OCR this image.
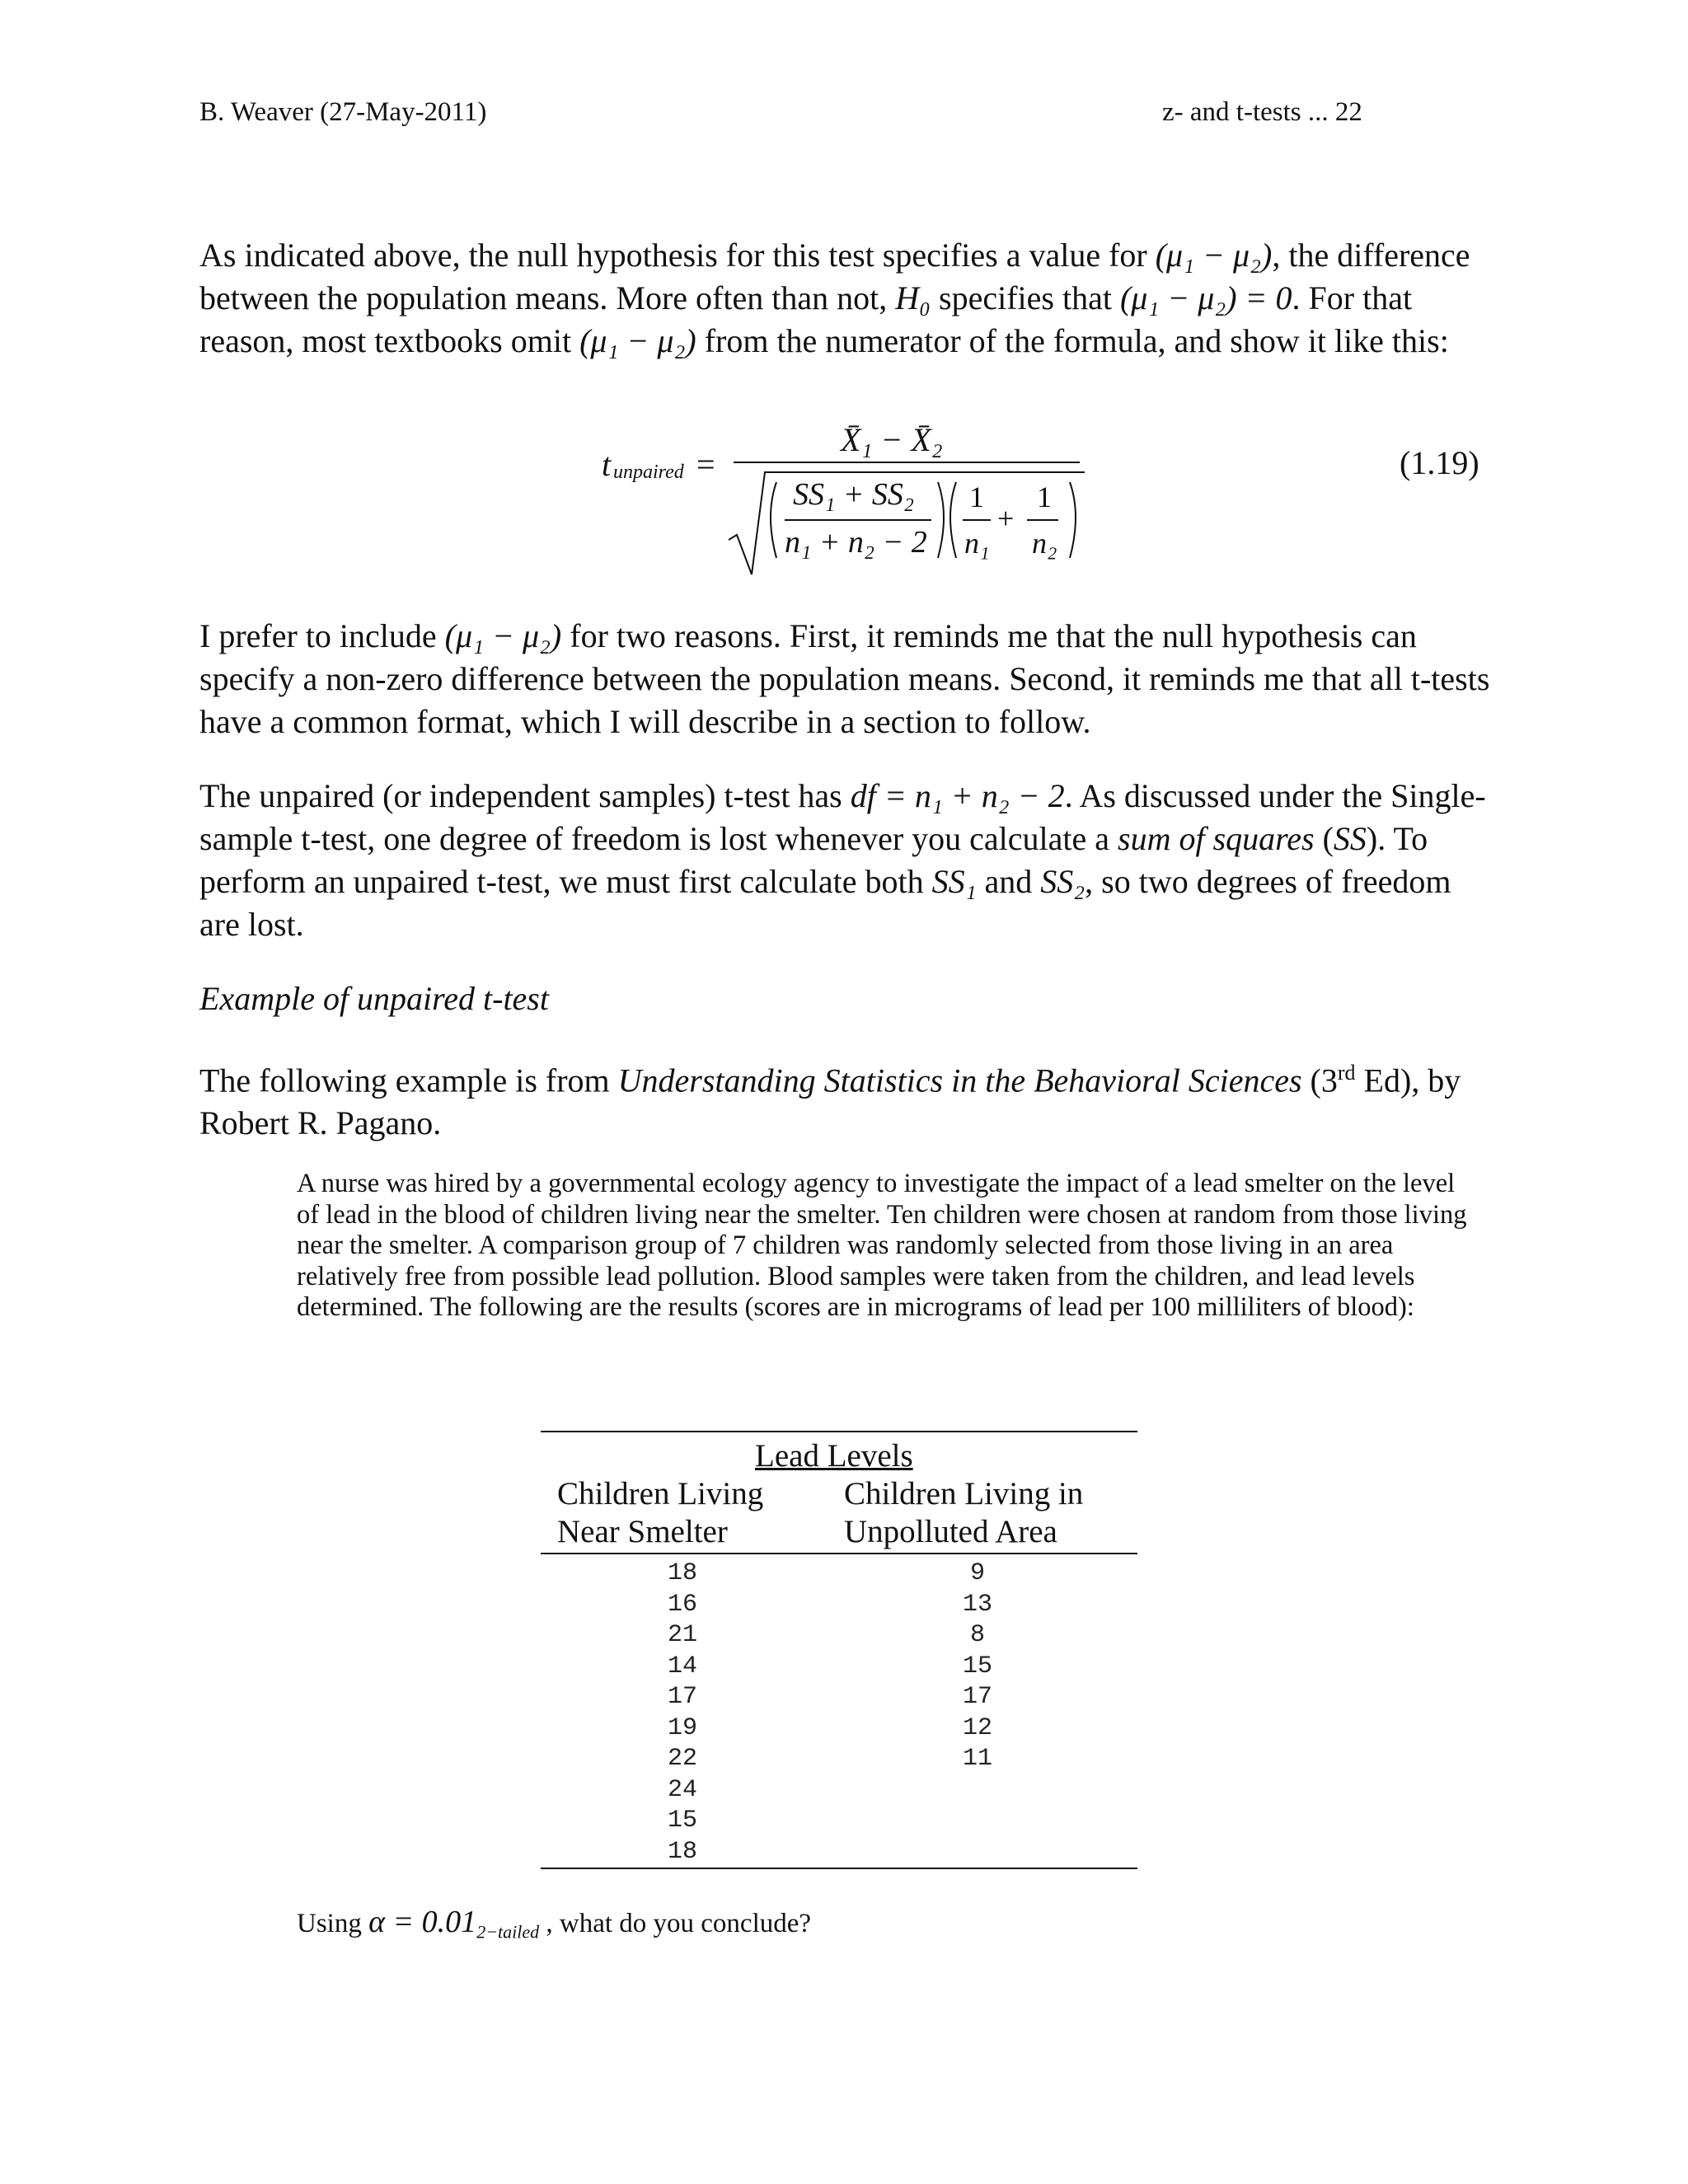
B. Weaver (27-May-2011)	z- and t-tests ... 22
As indicated above, the null hypothesis for this test specifies a value for (μ₁ − μ₂), the difference between the population means. More often than not, H₀ specifies that (μ₁ − μ₂) = 0. For that reason, most textbooks omit (μ₁ − μ₂) from the numerator of the formula, and show it like this:
t unpaired =
X̄₁ − X̄₂
SS₁ + SS₂
n₁ + n₂ − 2
1 1
+
n₁ n₂
(1.19)
I prefer to include (μ₁ − μ₂) for two reasons. First, it reminds me that the null hypothesis can specify a non-zero difference between the population means. Second, it reminds me that all t-tests have a common format, which I will describe in a section to follow.
The unpaired (or independent samples) t-test has df = n₁ + n₂ − 2. As discussed under the Single-sample t-test, one degree of freedom is lost whenever you calculate a sum of squares (SS). To perform an unpaired t-test, we must first calculate both SS₁ and SS₂, so two degrees of freedom are lost.
Example of unpaired t-test
The following example is from Understanding Statistics in the Behavioral Sciences (3rd Ed), by Robert R. Pagano.
A nurse was hired by a governmental ecology agency to investigate the impact of a lead smelter on the level of lead in the blood of children living near the smelter. Ten children were chosen at random from those living near the smelter. A comparison group of 7 children was randomly selected from those living in an area relatively free from possible lead pollution. Blood samples were taken from the children, and lead levels determined. The following are the results (scores are in micrograms of lead per 100 milliliters of blood):
Lead Levels
Children Living
Near Smelter
Children Living in
Unpolluted Area
18
16
21
14
17
19
22
24
15
18
9
13
8
15
17
12
11
Using $\alpha = 0.01_{2-tailed}$ , what do you conclude?
